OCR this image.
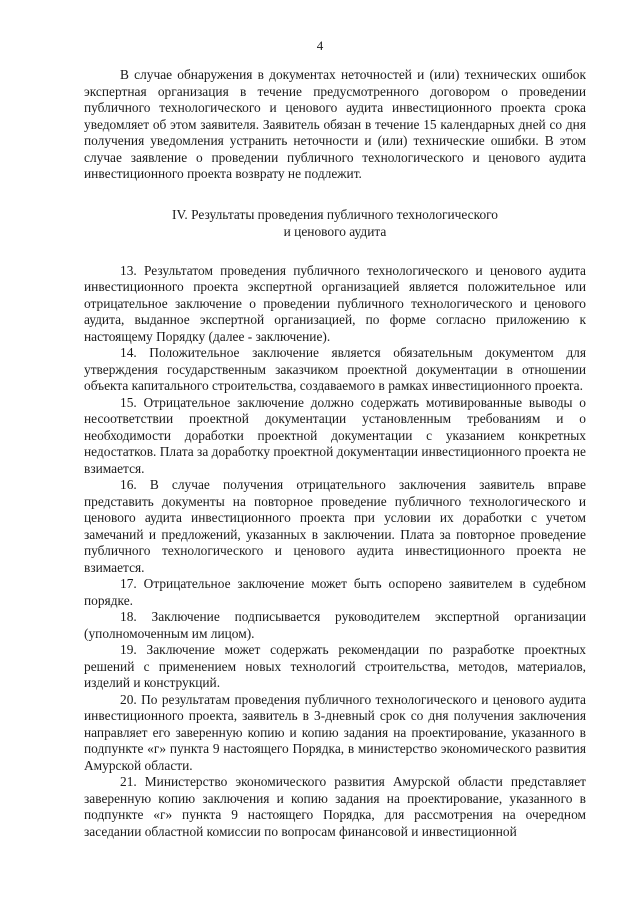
4

В случае обнаружения в документах неточностей и (или) технических ошибок экспертная организация в течение предусмотренного договором о проведении публичного технологического и ценового аудита инвестиционного проекта срока уведомляет об этом заявителя. Заявитель обязан в течение 15 календарных дней со дня получения уведомления устранить неточности и (или) технические ошибки. В этом случае заявление о проведении публичного технологического и ценового аудита инвестиционного проекта возврату не подлежит.

IV. Результаты проведения публичного технологического
и ценового аудита

13. Результатом проведения публичного технологического и ценового аудита инвестиционного проекта экспертной организацией является положительное или отрицательное заключение о проведении публичного технологического и ценового аудита, выданное экспертной организацией, по форме согласно приложению к настоящему Порядку (далее - заключение).

14. Положительное заключение является обязательным документом для утверждения государственным заказчиком проектной документации в отношении объекта капитального строительства, создаваемого в рамках инвестиционного проекта.

15. Отрицательное заключение должно содержать мотивированные выводы о несоответствии проектной документации установленным требованиям и о необходимости доработки проектной документации с указанием конкретных недостатков. Плата за доработку проектной документации инвестиционного проекта не взимается.

16. В случае получения отрицательного заключения заявитель вправе представить документы на повторное проведение публичного технологического и ценового аудита инвестиционного проекта при условии их доработки с учетом замечаний и предложений, указанных в заключении. Плата за повторное проведение публичного технологического и ценового аудита инвестиционного проекта не взимается.

17. Отрицательное заключение может быть оспорено заявителем в судебном порядке.

18. Заключение подписывается руководителем экспертной организации (уполномоченным им лицом).

19. Заключение может содержать рекомендации по разработке проектных решений с применением новых технологий строительства, методов, материалов, изделий и конструкций.

20. По результатам проведения публичного технологического и ценового аудита инвестиционного проекта, заявитель в 3-дневный срок со дня получения заключения направляет его заверенную копию и копию задания на проектирование, указанного в подпункте «г» пункта 9 настоящего Порядка, в министерство экономического развития Амурской области.

21. Министерство экономического развития Амурской области представляет заверенную копию заключения и копию задания на проектирование, указанного в подпункте «г» пункта 9 настоящего Порядка, для рассмотрения на очередном заседании областной комиссии по вопросам финансовой и инвестиционной
